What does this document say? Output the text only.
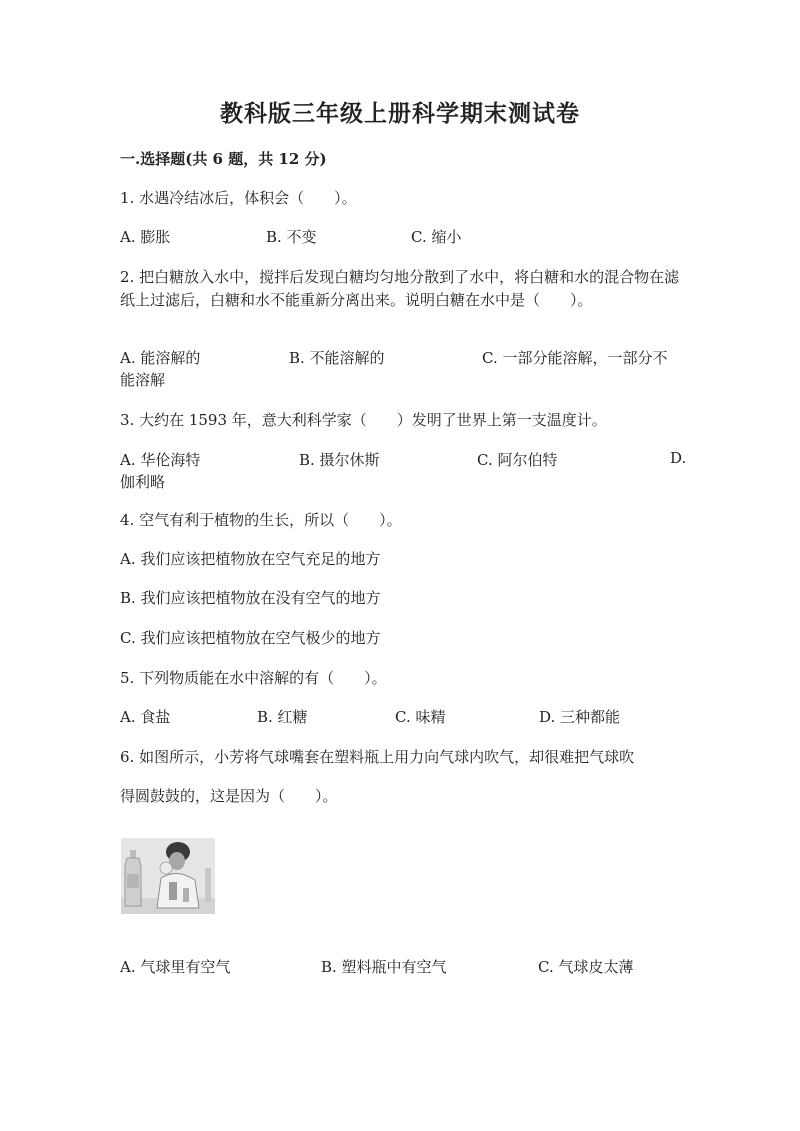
教科版三年级上册科学期末测试卷
一.选择题(共 6 题，共 12 分)
1. 水遇冷结冰后，体积会（　　）。
A. 膨胀	B. 不变	C. 缩小
2. 把白糖放入水中，搅拌后发现白糖均匀地分散到了水中，将白糖和水的混合物在滤纸上过滤后，白糖和水不能重新分离出来。说明白糖在水中是（　　）。
A. 能溶解的	B. 不能溶解的	C. 一部分能溶解，一部分不
能溶解
3. 大约在 1593 年，意大利科学家（　　）发明了世界上第一支温度计。
A. 华伦海特	B. 摄尔休斯	C. 阿尔伯特	D.
伽利略
4. 空气有利于植物的生长，所以（　　）。
A. 我们应该把植物放在空气充足的地方
B. 我们应该把植物放在没有空气的地方
C. 我们应该把植物放在空气极少的地方
5. 下列物质能在水中溶解的有（　　）。
A. 食盐	B. 红糖	C. 味精	D. 三种都能
6. 如图所示，小芳将气球嘴套在塑料瓶上用力向气球内吹气，却很难把气球吹
得圆鼓鼓的，这是因为（　　）。
A. 气球里有空气	B. 塑料瓶中有空气	C. 气球皮太薄
